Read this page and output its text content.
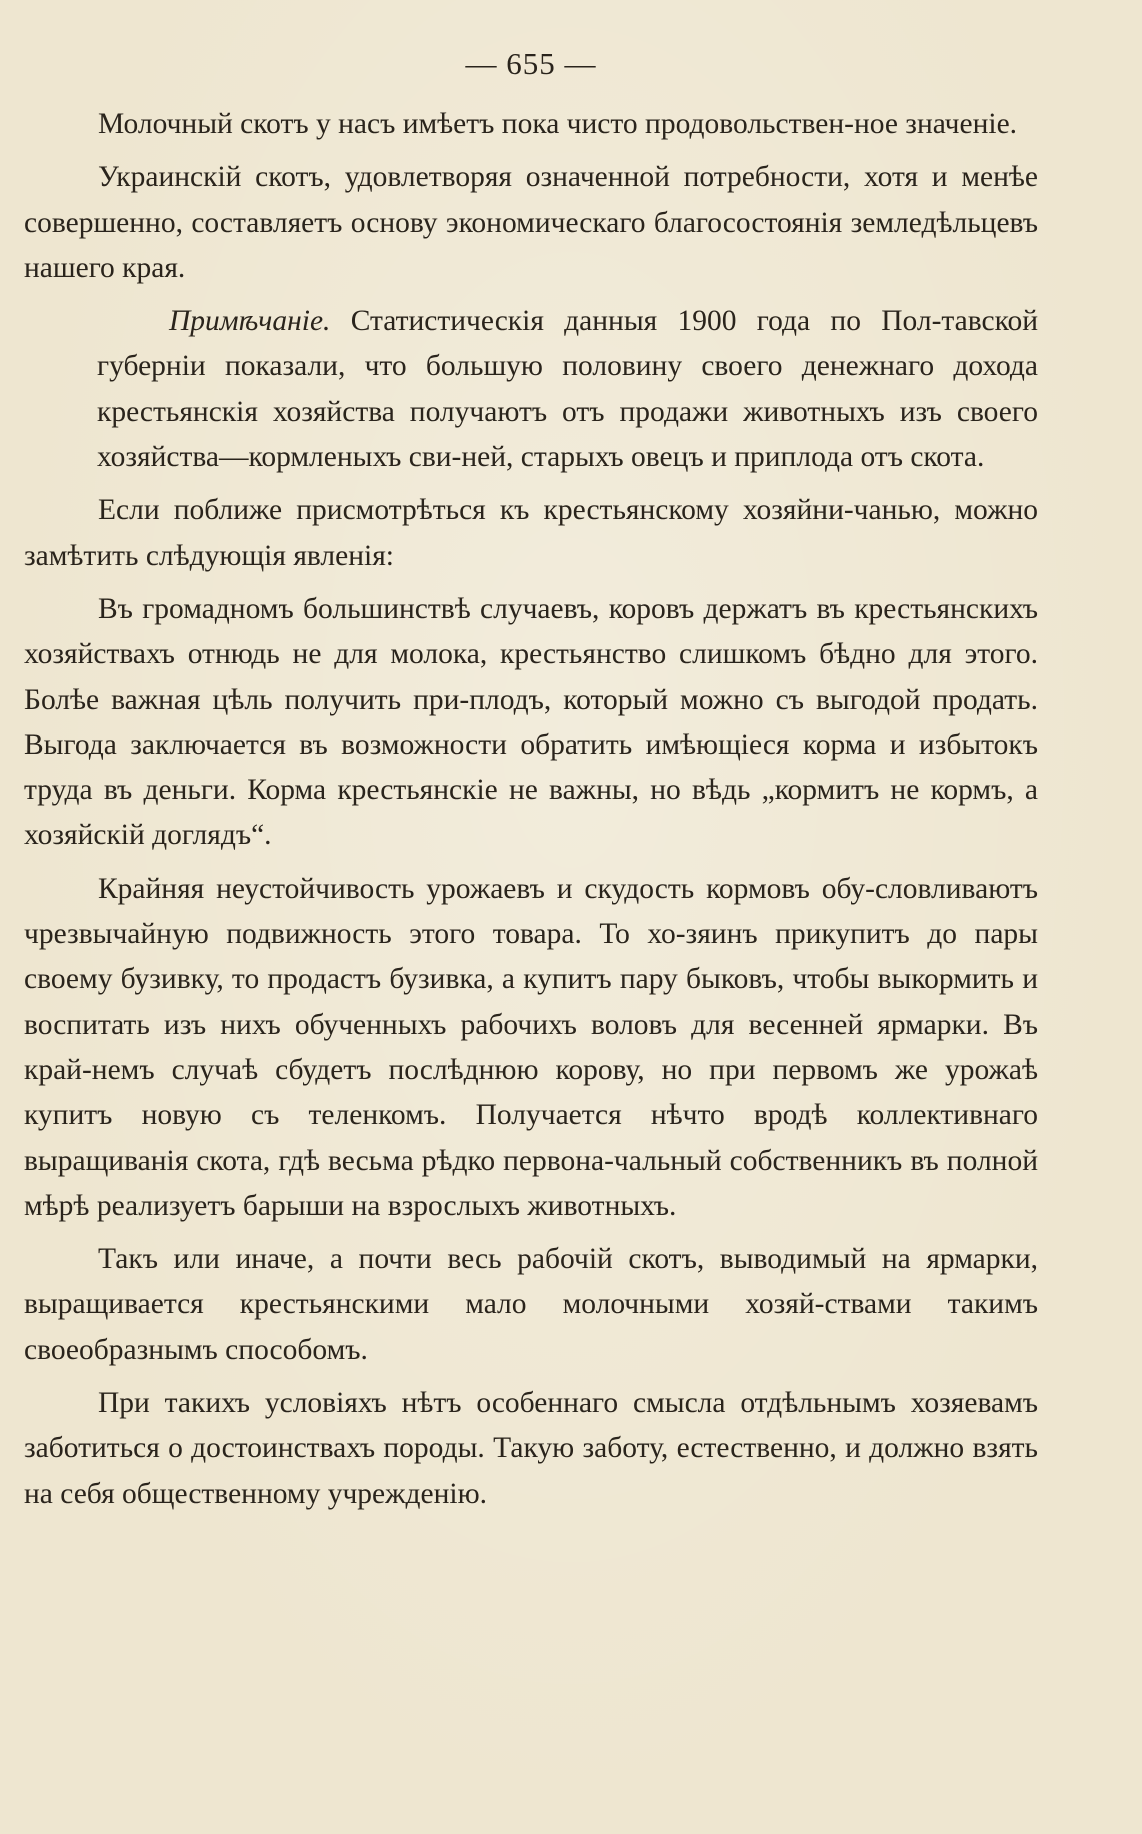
— 655 —

Молочный скотъ у насъ имѣетъ пока чисто продовольствен-ное значенiе.

Украинскiй скотъ, удовлетворяя означенной потребности, хотя и менѣе совершенно, составляетъ основу экономическаго благосостоянiя земледѣльцевъ нашего края.

Примѣчанiе. Статистическiя данныя 1900 года по Пол-тавской губернiи показали, что большую половину своего денежнаго дохода крестьянскiя хозяйства получаютъ отъ продажи животныхъ изъ своего хозяйства—кормленыхъ сви-ней, старыхъ овецъ и приплода отъ скота.

Если поближе присмотрѣться къ крестьянскому хозяйни-чанью, можно замѣтить слѣдующiя явленiя:

Въ громадномъ большинствѣ случаевъ, коровъ держатъ въ крестьянскихъ хозяйствахъ отнюдь не для молока, крестьянство слишкомъ бѣдно для этого. Болѣе важная цѣль получить при-плодъ, который можно съ выгодой продать. Выгода заключается въ возможности обратить имѣющiеся корма и избытокъ труда въ деньги. Корма крестьянскiе не важны, но вѣдь „кормитъ не кормъ, а хозяйскiй доглядъ“.

Крайняя неустойчивость урожаевъ и скудость кормовъ обу-словливаютъ чрезвычайную подвижность этого товара. То хо-зяинъ прикупитъ до пары своему бузивку, то продастъ бузивка, а купитъ пару быковъ, чтобы выкормить и воспитать изъ нихъ обученныхъ рабочихъ воловъ для весенней ярмарки. Въ край-немъ случаѣ сбудетъ послѣднюю корову, но при первомъ же урожаѣ купитъ новую съ теленкомъ. Получается нѣчто вродѣ коллективнаго выращиванiя скота, гдѣ весьма рѣдко первона-чальный собственникъ въ полной мѣрѣ реализуетъ барыши на взрослыхъ животныхъ.

Такъ или иначе, а почти весь рабочiй скотъ, выводимый на ярмарки, выращивается крестьянскими мало молочными хозяй-ствами такимъ своеобразнымъ способомъ.

При такихъ условiяхъ нѣтъ особеннаго смысла отдѣльнымъ хозяевамъ заботиться о достоинствахъ породы. Такую заботу, естественно, и должно взять на себя общественному учрежденiю.
